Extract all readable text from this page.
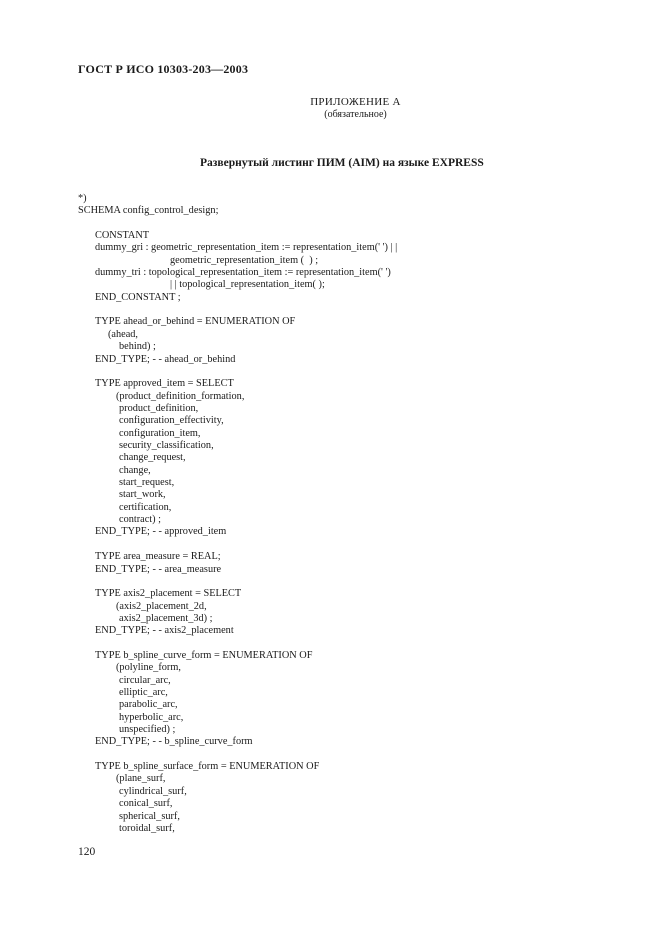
ГОСТ Р ИСО 10303-203—2003
ПРИЛОЖЕНИЕ А
(обязательное)
Развернутый листинг ПИМ (AIM) на языке EXPRESS
*)
SCHEMA config_control_design;
CONSTANT
dummy_gri : geometric_representation_item := representation_item(' ') | |
geometric_representation_item (  ) ;
dummy_tri : topological_representation_item := representation_item(' ')
| | topological_representation_item( );
END_CONSTANT ;
TYPE ahead_or_behind = ENUMERATION OF
(ahead,
behind) ;
END_TYPE; - - ahead_or_behind
TYPE approved_item = SELECT
(product_definition_formation,
product_definition,
configuration_effectivity,
configuration_item,
security_classification,
change_request,
change,
start_request,
start_work,
certification,
contract) ;
END_TYPE; - - approved_item
TYPE area_measure = REAL;
END_TYPE; - - area_measure
TYPE axis2_placement = SELECT
(axis2_placement_2d,
axis2_placement_3d) ;
END_TYPE; - - axis2_placement
TYPE b_spline_curve_form = ENUMERATION OF
(polyline_form,
circular_arc,
elliptic_arc,
parabolic_arc,
hyperbolic_arc,
unspecified) ;
END_TYPE; - - b_spline_curve_form
TYPE b_spline_surface_form = ENUMERATION OF
(plane_surf,
cylindrical_surf,
conical_surf,
spherical_surf,
toroidal_surf,
120
